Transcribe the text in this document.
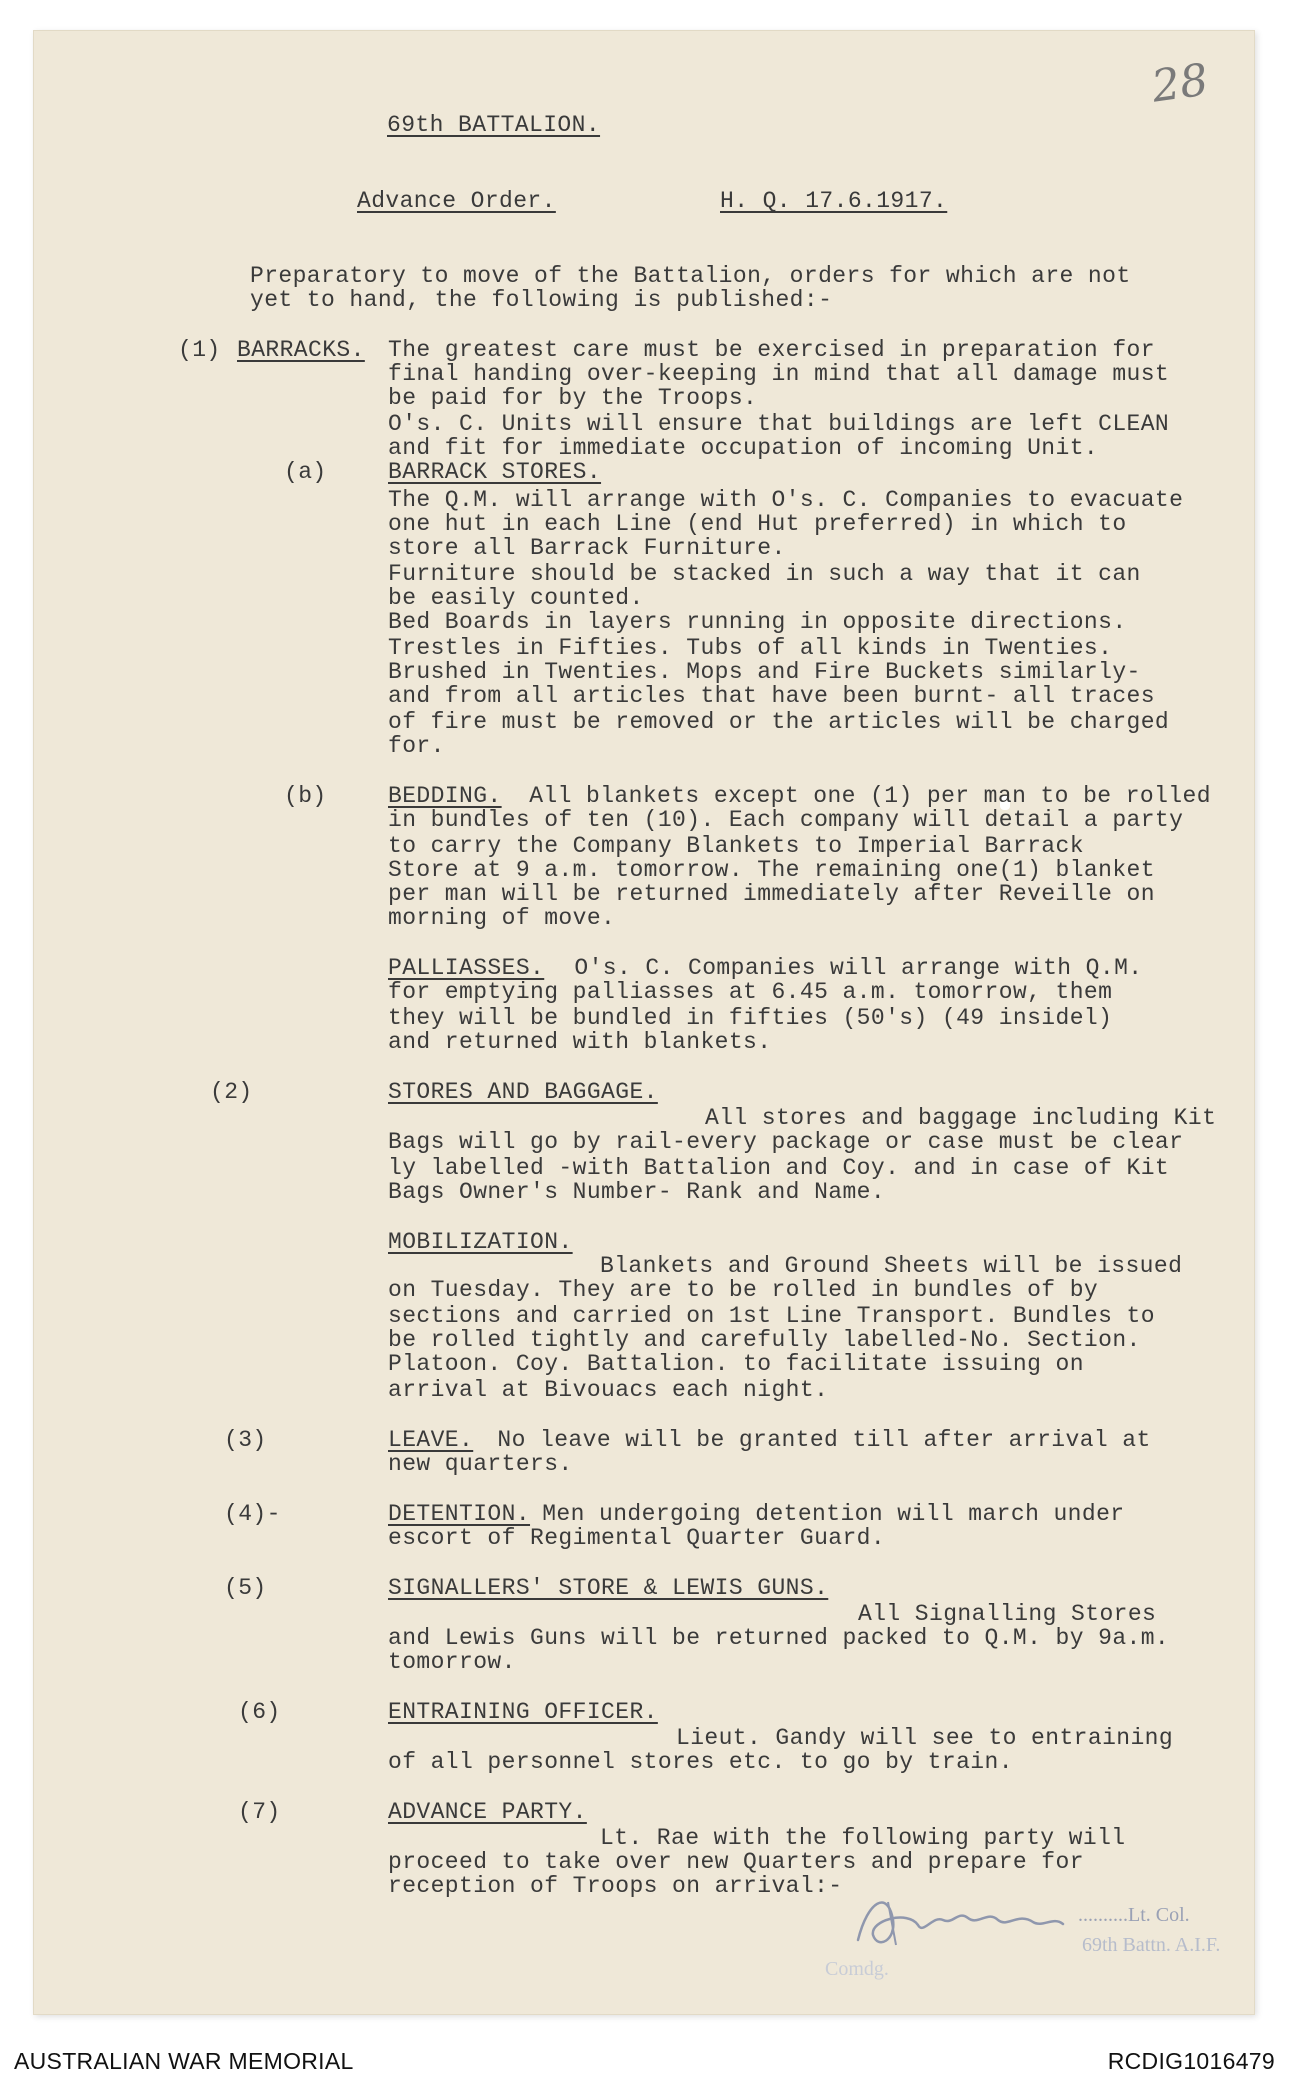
28
69th BATTALION.
Advance Order.	H. Q. 17.6.1917.
Preparatory to move of the Battalion, orders for which are not
yet to hand, the following is published:-
(1) BARRACKS. The greatest care must be exercised in preparation for
final handing over-keeping in mind that all damage must
be paid for by the Troops.
O's. C. Units will ensure that buildings are left CLEAN
and fit for immediate occupation of incoming Unit.
(a)	BARRACK STORES.
The Q.M. will arrange with O's. C. Companies to evacuate
one hut in each Line (end Hut preferred) in which to
store all Barrack Furniture.
Furniture should be stacked in such a way that it can
be easily counted.
Bed Boards in layers running in opposite directions.
Trestles in Fifties. Tubs of all kinds in Twenties.
Brushed in Twenties. Mops and Fire Buckets similarly-
and from all articles that have been burnt- all traces
of fire must be removed or the articles will be charged
for.
(b)	BEDDING. All blankets except one (1) per man to be rolled
in bundles of ten (10). Each company will detail a party
to carry the Company Blankets to Imperial Barrack
Store at 9 a.m. tomorrow. The remaining one(1) blanket
per man will be returned immediately after Reveille on
morning of move.
PALLIASSES. O's. C. Companies will arrange with Q.M.
for emptying palliasses at 6.45 a.m. tomorrow, them
they will be bundled in fifties (50's) (49 insidel)
and returned with blankets.
(2)	STORES AND BAGGAGE.
All stores and baggage including Kit
Bags will go by rail-every package or case must be clear
ly labelled -with Battalion and Coy. and in case of Kit
Bags Owner's Number- Rank and Name.
MOBILIZATION.
Blankets and Ground Sheets will be issued
on Tuesday. They are to be rolled in bundles of by
sections and carried on 1st Line Transport. Bundles to
be rolled tightly and carefully labelled-No. Section.
Platoon. Coy. Battalion. to facilitate issuing on
arrival at Bivouacs each night.
(3)	LEAVE.
No leave will be granted till after arrival at
new quarters.
(4)-	DETENTION.
Men undergoing detention will march under
escort of Regimental Quarter Guard.
(5)	SIGNALLERS' STORE & LEWIS GUNS.
All Signalling Stores
and Lewis Guns will be returned packed to Q.M. by 9a.m.
tomorrow.
(6)	ENTRAINING OFFICER.
Lieut. Gandy will see to entraining
of all personnel stores etc. to go by train.
(7)	ADVANCE PARTY.
Lt. Rae with the following party will
proceed to take over new Quarters and prepare for
reception of Troops on arrival:-
..........Lt. Col.
69th Battn. A.I.F.
Comdg.
AUSTRALIAN WAR MEMORIAL	RCDIG1016479
